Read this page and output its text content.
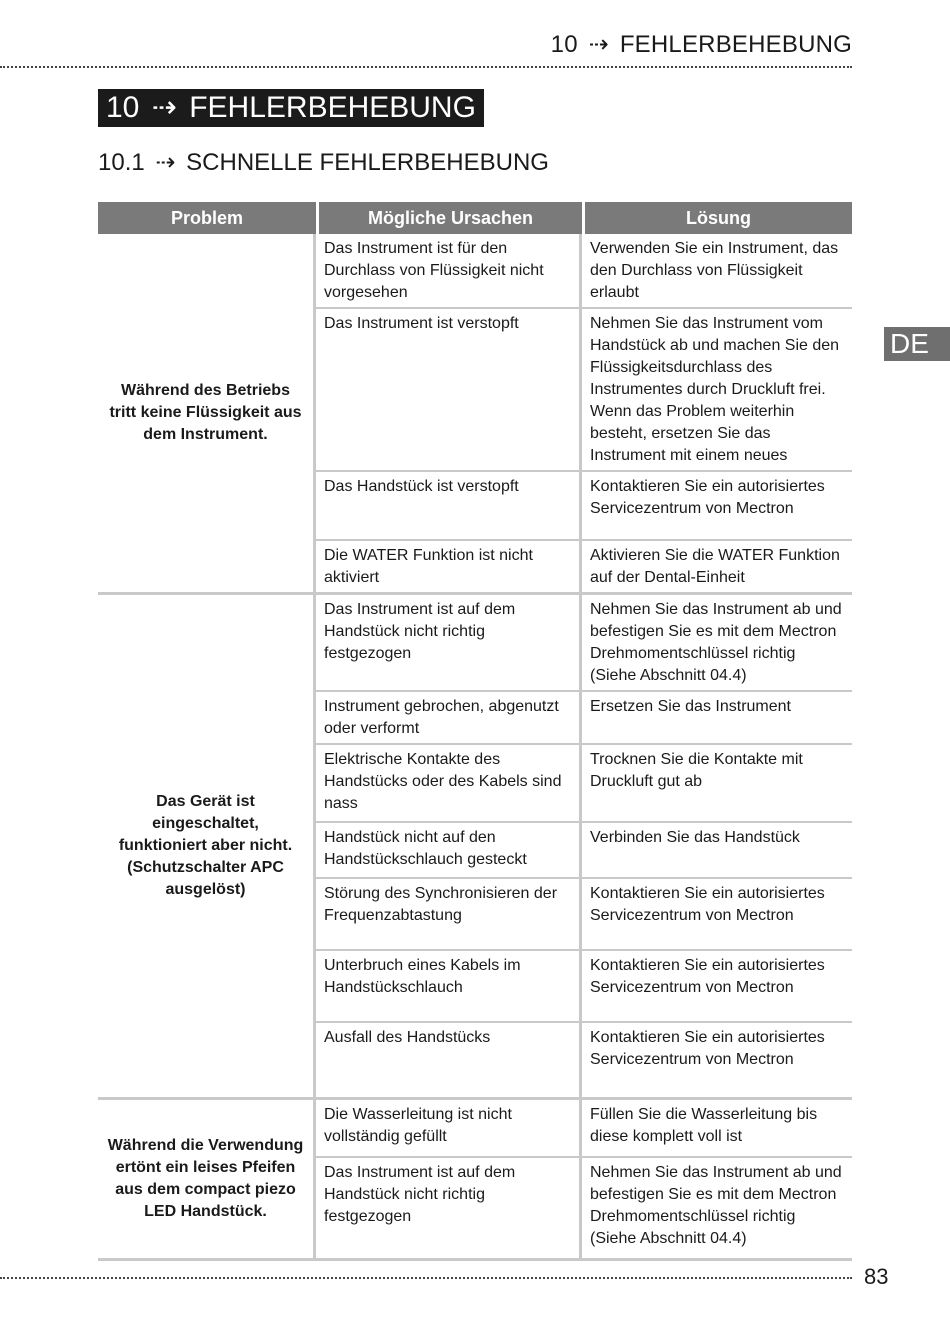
10 ⇢ FEHLERBEHEBUNG
10 ⇢ FEHLERBEHEBUNG
10.1 ⇢ SCHNELLE FEHLERBEHEBUNG
DE
Problem	Mögliche Ursachen	Lösung
Während des Betriebs tritt keine Flüssigkeit aus dem Instrument.	Das Instrument ist für den Durchlass von Flüssigkeit nicht vorgesehen	Verwenden Sie ein Instrument, das den Durchlass von Flüssigkeit erlaubt
	Das Instrument ist verstopft	Nehmen Sie das Instrument vom Handstück ab und machen Sie den Flüssigkeitsdurchlass des Instrumentes durch Druckluft frei. Wenn das Problem weiterhin besteht, ersetzen Sie das Instrument mit einem neues
	Das Handstück ist verstopft	Kontaktieren Sie ein autorisiertes Servicezentrum von Mectron
	Die WATER Funktion ist nicht aktiviert	Aktivieren Sie die WATER Funktion auf der Dental-Einheit
Das Gerät ist eingeschaltet, funktioniert aber nicht. (Schutzschalter APC ausgelöst)	Das Instrument ist auf dem Handstück nicht richtig festgezogen	Nehmen Sie das Instrument ab und befestigen Sie es mit dem Mectron Drehmomentschlüssel richtig (Siehe Abschnitt 04.4)
	Instrument gebrochen, abgenutzt oder verformt	Ersetzen Sie das Instrument
	Elektrische Kontakte des Handstücks oder des Kabels sind nass	Trocknen Sie die Kontakte mit Druckluft gut ab
	Handstück nicht auf den Handstückschlauch gesteckt	Verbinden Sie das Handstück
	Störung des Synchronisieren der Frequenzabtastung	Kontaktieren Sie ein autorisiertes Servicezentrum von Mectron
	Unterbruch eines Kabels im Handstückschlauch	Kontaktieren Sie ein autorisiertes Servicezentrum von Mectron
	Ausfall des Handstücks	Kontaktieren Sie ein autorisiertes Servicezentrum von Mectron
Während die Verwendung ertönt ein leises Pfeifen aus dem compact piezo LED Handstück.	Die Wasserleitung ist nicht vollständig gefüllt	Füllen Sie die Wasserleitung bis diese komplett voll ist
	Das Instrument ist auf dem Handstück nicht richtig festgezogen	Nehmen Sie das Instrument ab und befestigen Sie es mit dem Mectron Drehmomentschlüssel richtig (Siehe Abschnitt 04.4)
83
